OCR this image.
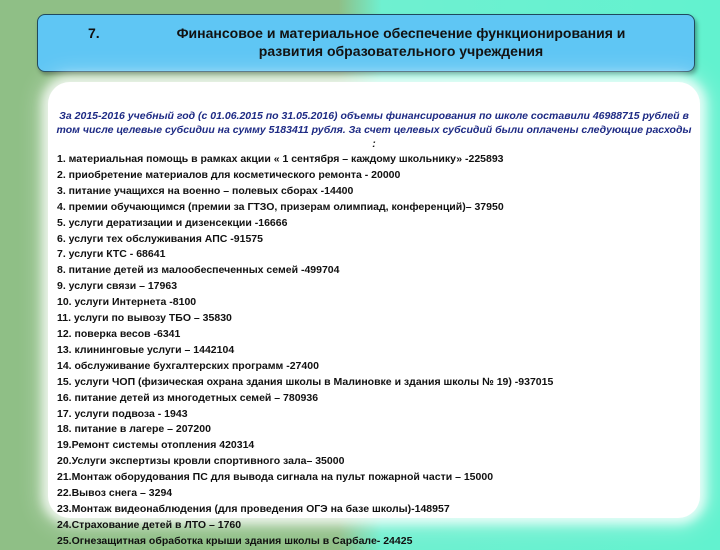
7.	Финансовое и материальное обеспечение функционирования и
развития образовательного учреждения
За 2015-2016 учебный год (с 01.06.2015 по 31.05.2016) объемы финансирования по школе составили 46988715 рублей в том числе целевые субсидии на сумму 5183411 рубля. За счет целевых субсидий были оплачены следующие расходы :
1. материальная помощь в рамках акции « 1 сентября – каждому школьнику» -225893
2. приобретение материалов для косметического ремонта - 20000
3. питание учащихся на военно – полевых сборах -14400
4. премии обучающимся (премии за ГТЗО, призерам олимпиад, конференций)– 37950
5. услуги дератизации и дизенсекции -16666
6. услуги тех обслуживания АПС -91575
7. услуги КТС - 68641
8. питание детей из малообеспеченных семей -499704
9. услуги связи – 17963
10. услуги Интернета -8100
11. услуги по вывозу ТБО – 35830
12. поверка весов -6341
13. клининговые услуги – 1442104
14. обслуживание бухгалтерских программ -27400
15. услуги ЧОП (физическая охрана здания школы в Малиновке и здания школы № 19) -937015
16. питание детей из многодетных семей – 780936
17. услуги подвоза - 1943
18. питание в лагере – 207200
19.Ремонт системы отопления 420314
20.Услуги экспертизы кровли спортивного зала– 35000
21.Монтаж оборудования ПС для вывода сигнала на пульт пожарной части – 15000
22.Вывоз снега – 3294
23.Монтаж видеонаблюдения (для проведения ОГЭ на базе школы)-148957
24.Страхование детей в ЛТО – 1760
25.Огнезащитная обработка крыши здания школы в Сарбале- 24425
